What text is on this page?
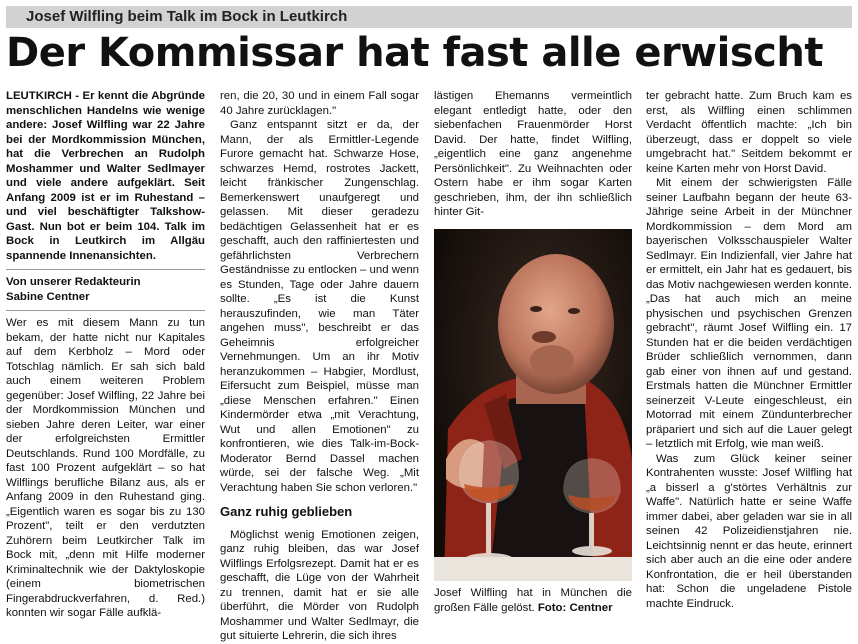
Josef Wilfling beim Talk im Bock in Leutkirch
Der Kommissar hat fast alle erwischt

LEUTKIRCH - Er kennt die Abgründe menschlichen Handelns wie wenige andere: Josef Wilfling war 22 Jahre bei der Mordkommission München, hat die Verbrechen an Rudolph Moshammer und Walter Sedlmayer und viele andere aufgeklärt. Seit Anfang 2009 ist er im Ruhestand – und viel beschäftigter Talkshow-Gast. Nun bot er beim 104. Talk im Bock in Leutkirch im Allgäu spannende Innenansichten.

Von unserer Redakteurin

Sabine Centner

Wer es mit diesem Mann zu tun bekam, der hatte nicht nur Kapitales auf dem Kerbholz – Mord oder Totschlag nämlich. Er sah sich bald auch einem weiteren Problem gegenüber: Josef Wilfling, 22 Jahre bei der Mordkommission München und sieben Jahre deren Leiter, war einer der erfolgreichsten Ermittler Deutschlands. Rund 100 Mordfälle, zu fast 100 Prozent aufgeklärt – so hat Wilflings berufliche Bilanz aus, als er Anfang 2009 in den Ruhestand ging. „Eigentlich waren es sogar bis zu 130 Prozent", teilt er den verdutzten Zuhörern beim Leutkircher Talk im Bock mit, „denn mit Hilfe moderner Kriminaltechnik wie der Daktyloskopie (einem biometrischen Fingerabdruckverfahren, d. Red.) konnten wir sogar Fälle aufklä-

ren, die 20, 30 und in einem Fall sogar 40 Jahre zurücklagen."

Ganz entspannt sitzt er da, der Mann, der als Ermittler-Legende Furore gemacht hat. Schwarze Hose, schwarzes Hemd, rostrotes Jackett, leicht fränkischer Zungenschlag. Bemerkenswert unaufgeregt und gelassen. Mit dieser geradezu bedächtigen Gelassenheit hat er es geschafft, auch den raffiniertesten und gefährlichsten Verbrechern Geständnisse zu entlocken – und wenn es Stunden, Tage oder Jahre dauern sollte. „Es ist die Kunst herauszufinden, wie man Täter angehen muss", beschreibt er das Geheimnis erfolgreicher Vernehmungen. Um an ihr Motiv heranzukommen – Habgier, Mordlust, Eifersucht zum Beispiel, müsse man „diese Menschen erfahren." Einen Kindermörder etwa „mit Verachtung, Wut und allen Emotionen" zu konfrontieren, wie dies Talk-im-Bock-Moderator Bernd Dassel machen würde, sei der falsche Weg. „Mit Verachtung haben Sie schon verloren."

Ganz ruhig geblieben

Möglichst wenig Emotionen zeigen, ganz ruhig bleiben, das war Josef Wilflings Erfolgsrezept. Damit hat er es geschafft, die Lüge von der Wahrheit zu trennen, damit hat er sie alle überführt, die Mörder von Rudolph Moshammer und Walter Sedlmayr, die gut situierte Lehrerin, die sich ihres

lästigen Ehemanns vermeintlich elegant entledigt hatte, oder den siebenfachen Frauenmörder Horst David. Der hatte, findet Wilfling, „eigentlich eine ganz angenehme Persönlichkeit". Zu Weihnachten oder Ostern habe er ihm sogar Karten geschrieben, ihm, der ihn schließlich hinter Git-

Josef Wilfling hat in München die großen Fälle gelöst. Foto: Centner

ter gebracht hatte. Zum Bruch kam es erst, als Wilfling einen schlimmen Verdacht öffentlich machte: „Ich bin überzeugt, dass er doppelt so viele umgebracht hat." Seitdem bekommt er keine Karten mehr von Horst David.

Mit einem der schwierigsten Fälle seiner Laufbahn begann der heute 63-Jährige seine Arbeit in der Münchner Mordkommission – dem Mord am bayerischen Volksschauspieler Walter Sedlmayr. Ein Indizienfall, vier Jahre hat er ermittelt, ein Jahr hat es gedauert, bis das Motiv nachgewiesen werden konnte. „Das hat auch mich an meine physischen und psychischen Grenzen gebracht", räumt Josef Wilfling ein. 17 Stunden hat er die beiden verdächtigen Brüder schließlich vernommen, dann gab einer von ihnen auf und gestand. Erstmals hatten die Münchner Ermittler seinerzeit V-Leute eingeschleust, ein Motorrad mit einem Zündunterbrecher präpariert und sich auf die Lauer gelegt – letztlich mit Erfolg, wie man weiß.

Was zum Glück keiner seiner Kontrahenten wusste: Josef Wilfling hat „a bisserl a g'störtes Verhältnis zur Waffe". Natürlich hatte er seine Waffe immer dabei, aber geladen war sie in all seinen 42 Polizeidienstjahren nie. Leichtsinnig nennt er das heute, erinnert sich aber auch an die eine oder andere Konfrontation, die er heil überstanden hat: Schon die ungeladene Pistole machte Eindruck.
